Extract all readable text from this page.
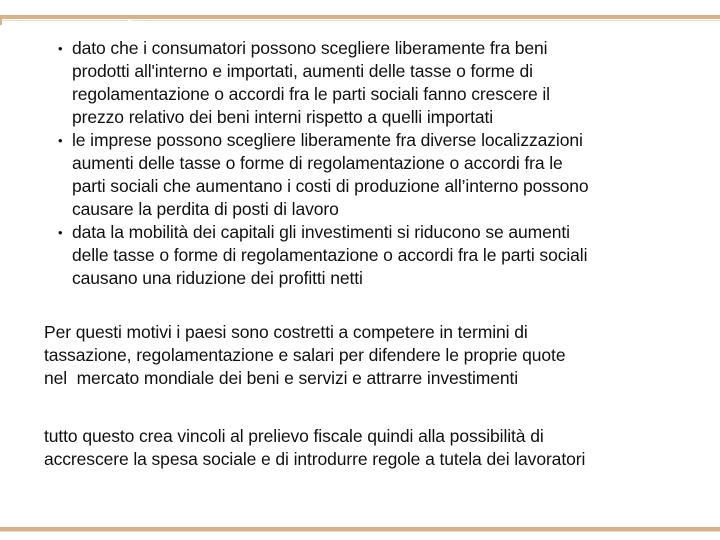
• dato che i consumatori possono scegliere liberamente fra beni
prodotti all'interno e importati, aumenti delle tasse o forme di
regolamentazione o accordi fra le parti sociali fanno crescere il
prezzo relativo dei beni interni rispetto a quelli importati
• le imprese possono scegliere liberamente fra diverse localizzazioni
aumenti delle tasse o forme di regolamentazione o accordi fra le
parti sociali che aumentano i costi di produzione all’interno possono
causare la perdita di posti di lavoro
• data la mobilità dei capitali gli investimenti si riducono se aumenti
delle tasse o forme di regolamentazione o accordi fra le parti sociali
causano una riduzione dei profitti netti
Per questi motivi i paesi sono costretti a competere in termini di
tassazione, regolamentazione e salari per difendere le proprie quote
nel  mercato mondiale dei beni e servizi e attrarre investimenti
tutto questo crea vincoli al prelievo fiscale quindi alla possibilità di
accrescere la spesa sociale e di introdurre regole a tutela dei lavoratori
